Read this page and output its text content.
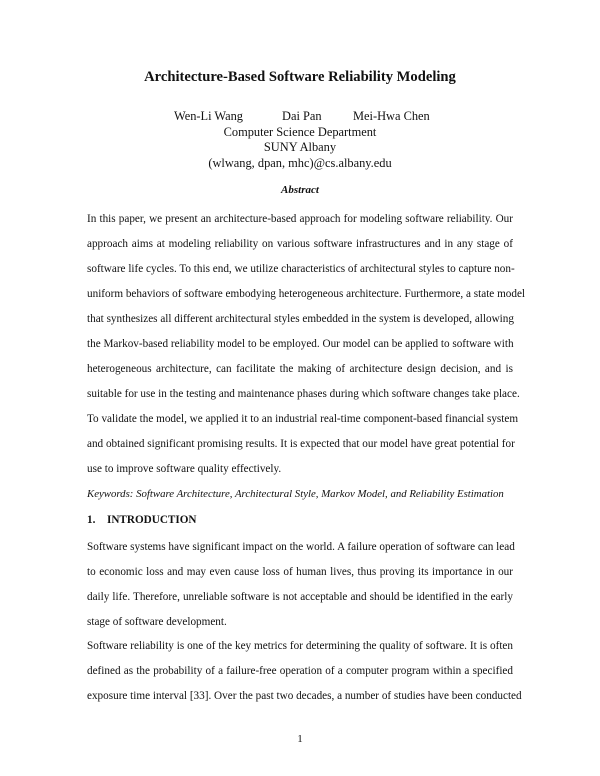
Architecture-Based Software Reliability Modeling
Wen-Li Wang	Dai Pan	Mei-Hwa Chen
Computer Science Department
SUNY Albany
(wlwang, dpan, mhc)@cs.albany.edu
Abstract
In this paper, we present an architecture-based approach for modeling software reliability. Our
approach aims at modeling reliability on various software infrastructures and in any stage of
software life cycles. To this end, we utilize characteristics of architectural styles to capture non-
uniform behaviors of software embodying heterogeneous architecture. Furthermore, a state model
that synthesizes all different architectural styles embedded in the system is developed, allowing
the Markov-based reliability model to be employed. Our model can be applied to software with
heterogeneous architecture, can facilitate the making of architecture design decision, and is
suitable for use in the testing and maintenance phases during which software changes take place.
To validate the model, we applied it to an industrial real-time component-based financial system
and obtained significant promising results. It is expected that our model have great potential for
use to improve software quality effectively.
Keywords: Software Architecture, Architectural Style, Markov Model, and Reliability Estimation
1. INTRODUCTION
Software systems have significant impact on the world. A failure operation of software can lead
to economic loss and may even cause loss of human lives, thus proving its importance in our
daily life. Therefore, unreliable software is not acceptable and should be identified in the early
stage of software development.
Software reliability is one of the key metrics for determining the quality of software. It is often
defined as the probability of a failure-free operation of a computer program within a specified
exposure time interval [33]. Over the past two decades, a number of studies have been conducted
1
